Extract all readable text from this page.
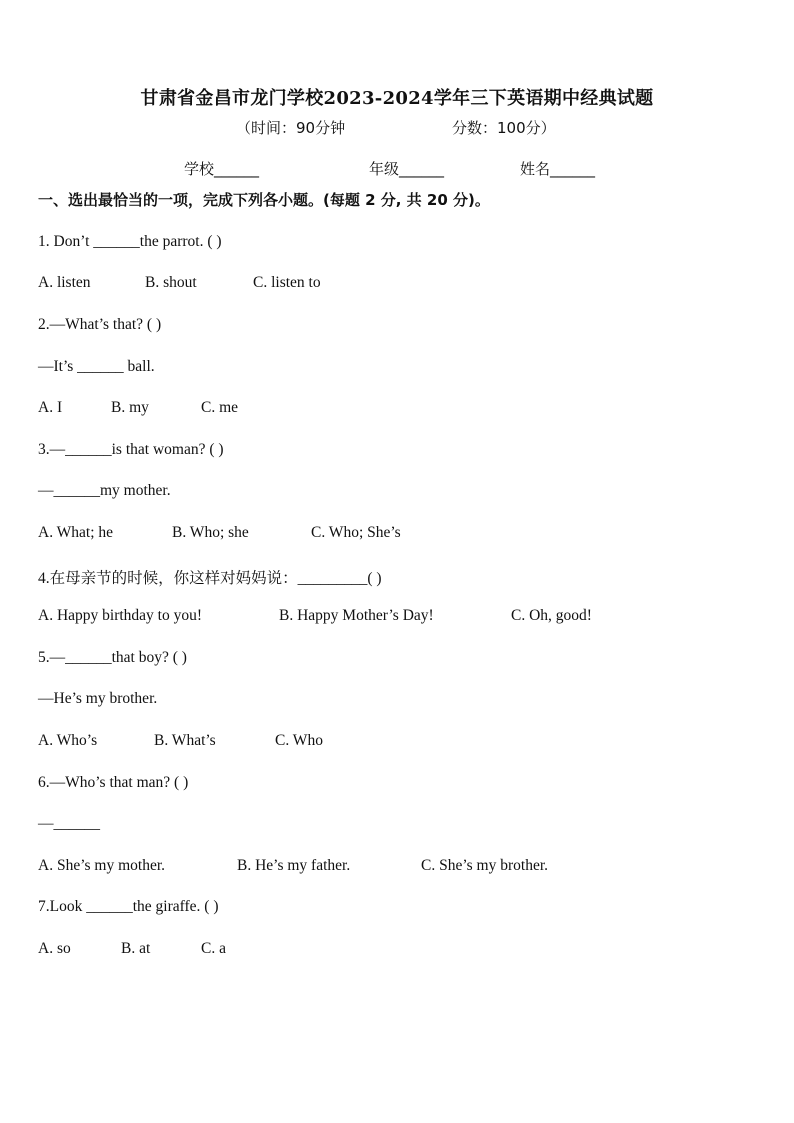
甘肃省金昌市龙门学校2023-2024学年三下英语期中经典试题
（时间：90分钟	分数：100分）
学校______	年级______	姓名______
一、选出最恰当的一项，完成下列各小题。(每题 2 分, 共 20 分)。
1. Don’t ______the parrot. ( )
A. listen	B. shout	C. listen to
2.—What’s that? ( )
—It’s ______ ball.
A. I	B. my	C. me
3.—______is that woman? ( )
—______my mother.
A. What; he	B. Who; she	C. Who; She’s
4.在母亲节的时候，你这样对妈妈说：_________( )
A. Happy birthday to you!	B. Happy Mother’s Day!	C. Oh, good!
5.—______that boy? ( )
—He’s my brother.
A. Who’s	B. What’s	C. Who
6.—Who’s that man? ( )
—______
A. She’s my mother.	B. He’s my father.	C. She’s my brother.
7.Look ______the giraffe. ( )
A. so	B. at	C. a
